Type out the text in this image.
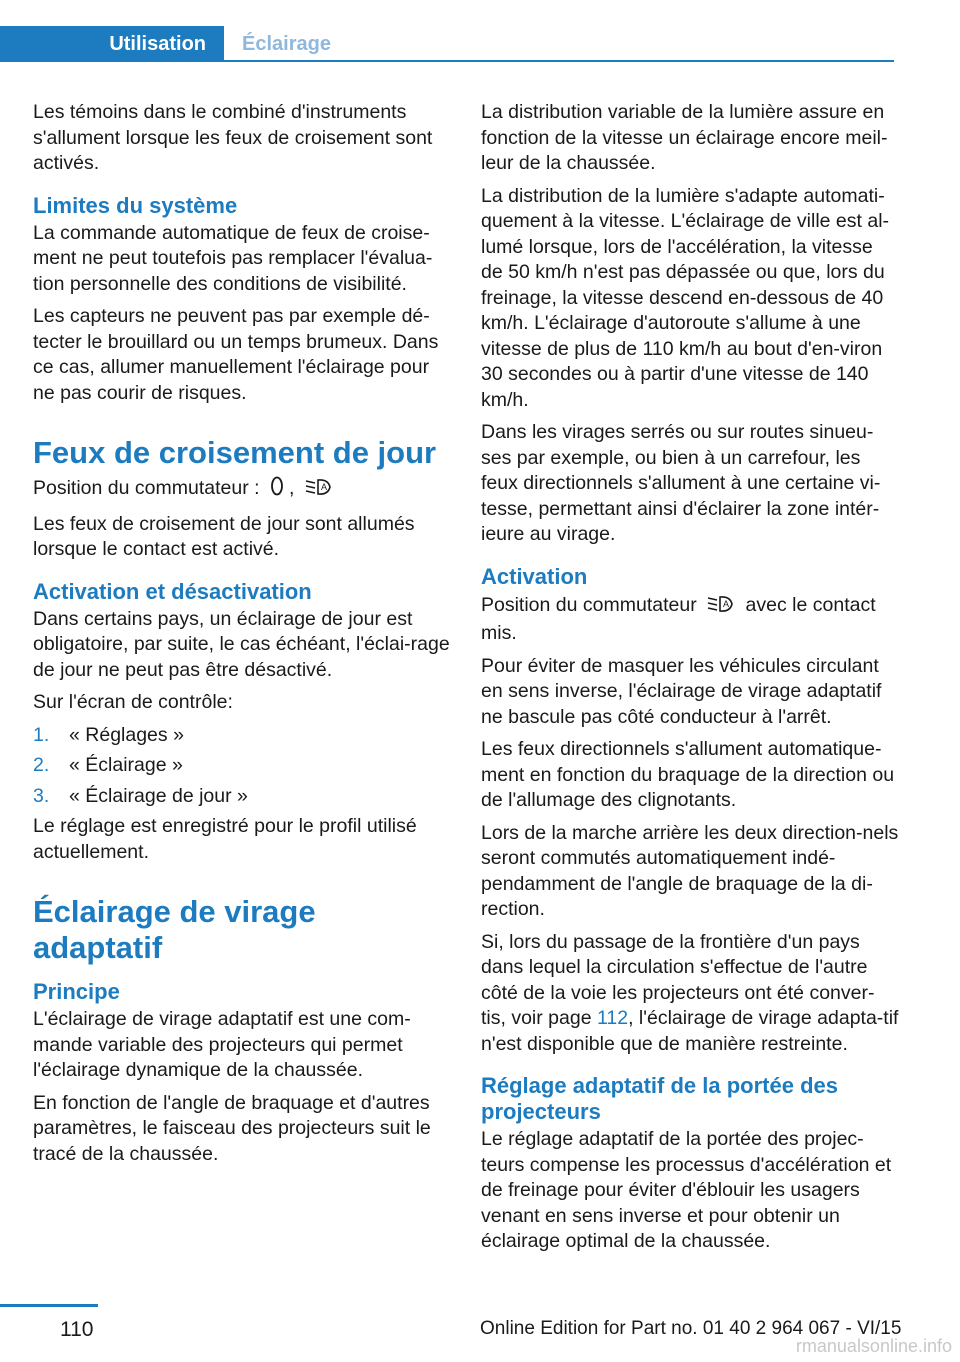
Utilisation	Éclairage

Les témoins dans le combiné d'instruments s'allument lorsque les feux de croisement sont activés.

Limites du système

La commande automatique de feux de croise‐ment ne peut toutefois pas remplacer l'évalua‐tion personnelle des conditions de visibilité.

Les capteurs ne peuvent pas par exemple dé‐tecter le brouillard ou un temps brumeux. Dans ce cas, allumer manuellement l'éclairage pour ne pas courir de risques.

Feux de croisement de jour

Position du commutateur : ,	A

Les feux de croisement de jour sont allumés lorsque le contact est activé.

Activation et désactivation

Dans certains pays, un éclairage de jour est obligatoire, par suite, le cas échéant, l'éclai‐rage de jour ne peut pas être désactivé.

Sur l'écran de contrôle:

1.	« Réglages »
2.	« Éclairage »
3.	« Éclairage de jour »

Le réglage est enregistré pour le profil utilisé actuellement.

Éclairage de virage adaptatif
Principe

L'éclairage de virage adaptatif est une com‐mande variable des projecteurs qui permet l'éclairage dynamique de la chaussée.

En fonction de l'angle de braquage et d'autres paramètres, le faisceau des projecteurs suit le tracé de la chaussée.

La distribution variable de la lumière assure en fonction de la vitesse un éclairage encore meil‐leur de la chaussée.

La distribution de la lumière s'adapte automati‐quement à la vitesse. L'éclairage de ville est al‐lumé lorsque, lors de l'accélération, la vitesse de 50 km/h n'est pas dépassée ou que, lors du freinage, la vitesse descend en-dessous de 40 km/h. L'éclairage d'autoroute s'allume à une vitesse de plus de 110 km/h au bout d'en‐viron 30 secondes ou à partir d'une vitesse de 140 km/h.

Dans les virages serrés ou sur routes sinueu‐ses par exemple, ou bien à un carrefour, les feux directionnels s'allument à une certaine vi‐tesse, permettant ainsi d'éclairer la zone intér‐ieure au virage.

Activation

Position du commutateur	A avec le contact mis.

Pour éviter de masquer les véhicules circulant en sens inverse, l'éclairage de virage adaptatif ne bascule pas côté conducteur à l'arrêt.

Les feux directionnels s'allument automatique‐ment en fonction du braquage de la direction ou de l'allumage des clignotants.

Lors de la marche arrière les deux direction‐nels seront commutés automatiquement indé‐pendamment de l'angle de braquage de la di‐rection.

Si, lors du passage de la frontière d'un pays dans lequel la circulation s'effectue de l'autre côté de la voie les projecteurs ont été conver‐tis, voir page 112, l'éclairage de virage adapta‐tif n'est disponible que de manière restreinte.

Réglage adaptatif de la portée des projecteurs

Le réglage adaptatif de la portée des projec‐teurs compense les processus d'accélération et de freinage pour éviter d'éblouir les usagers venant en sens inverse et pour obtenir un éclairage optimal de la chaussée.

110	Online Edition for Part no. 01 40 2 964 067 - VI/15
rmanualsonline.info
